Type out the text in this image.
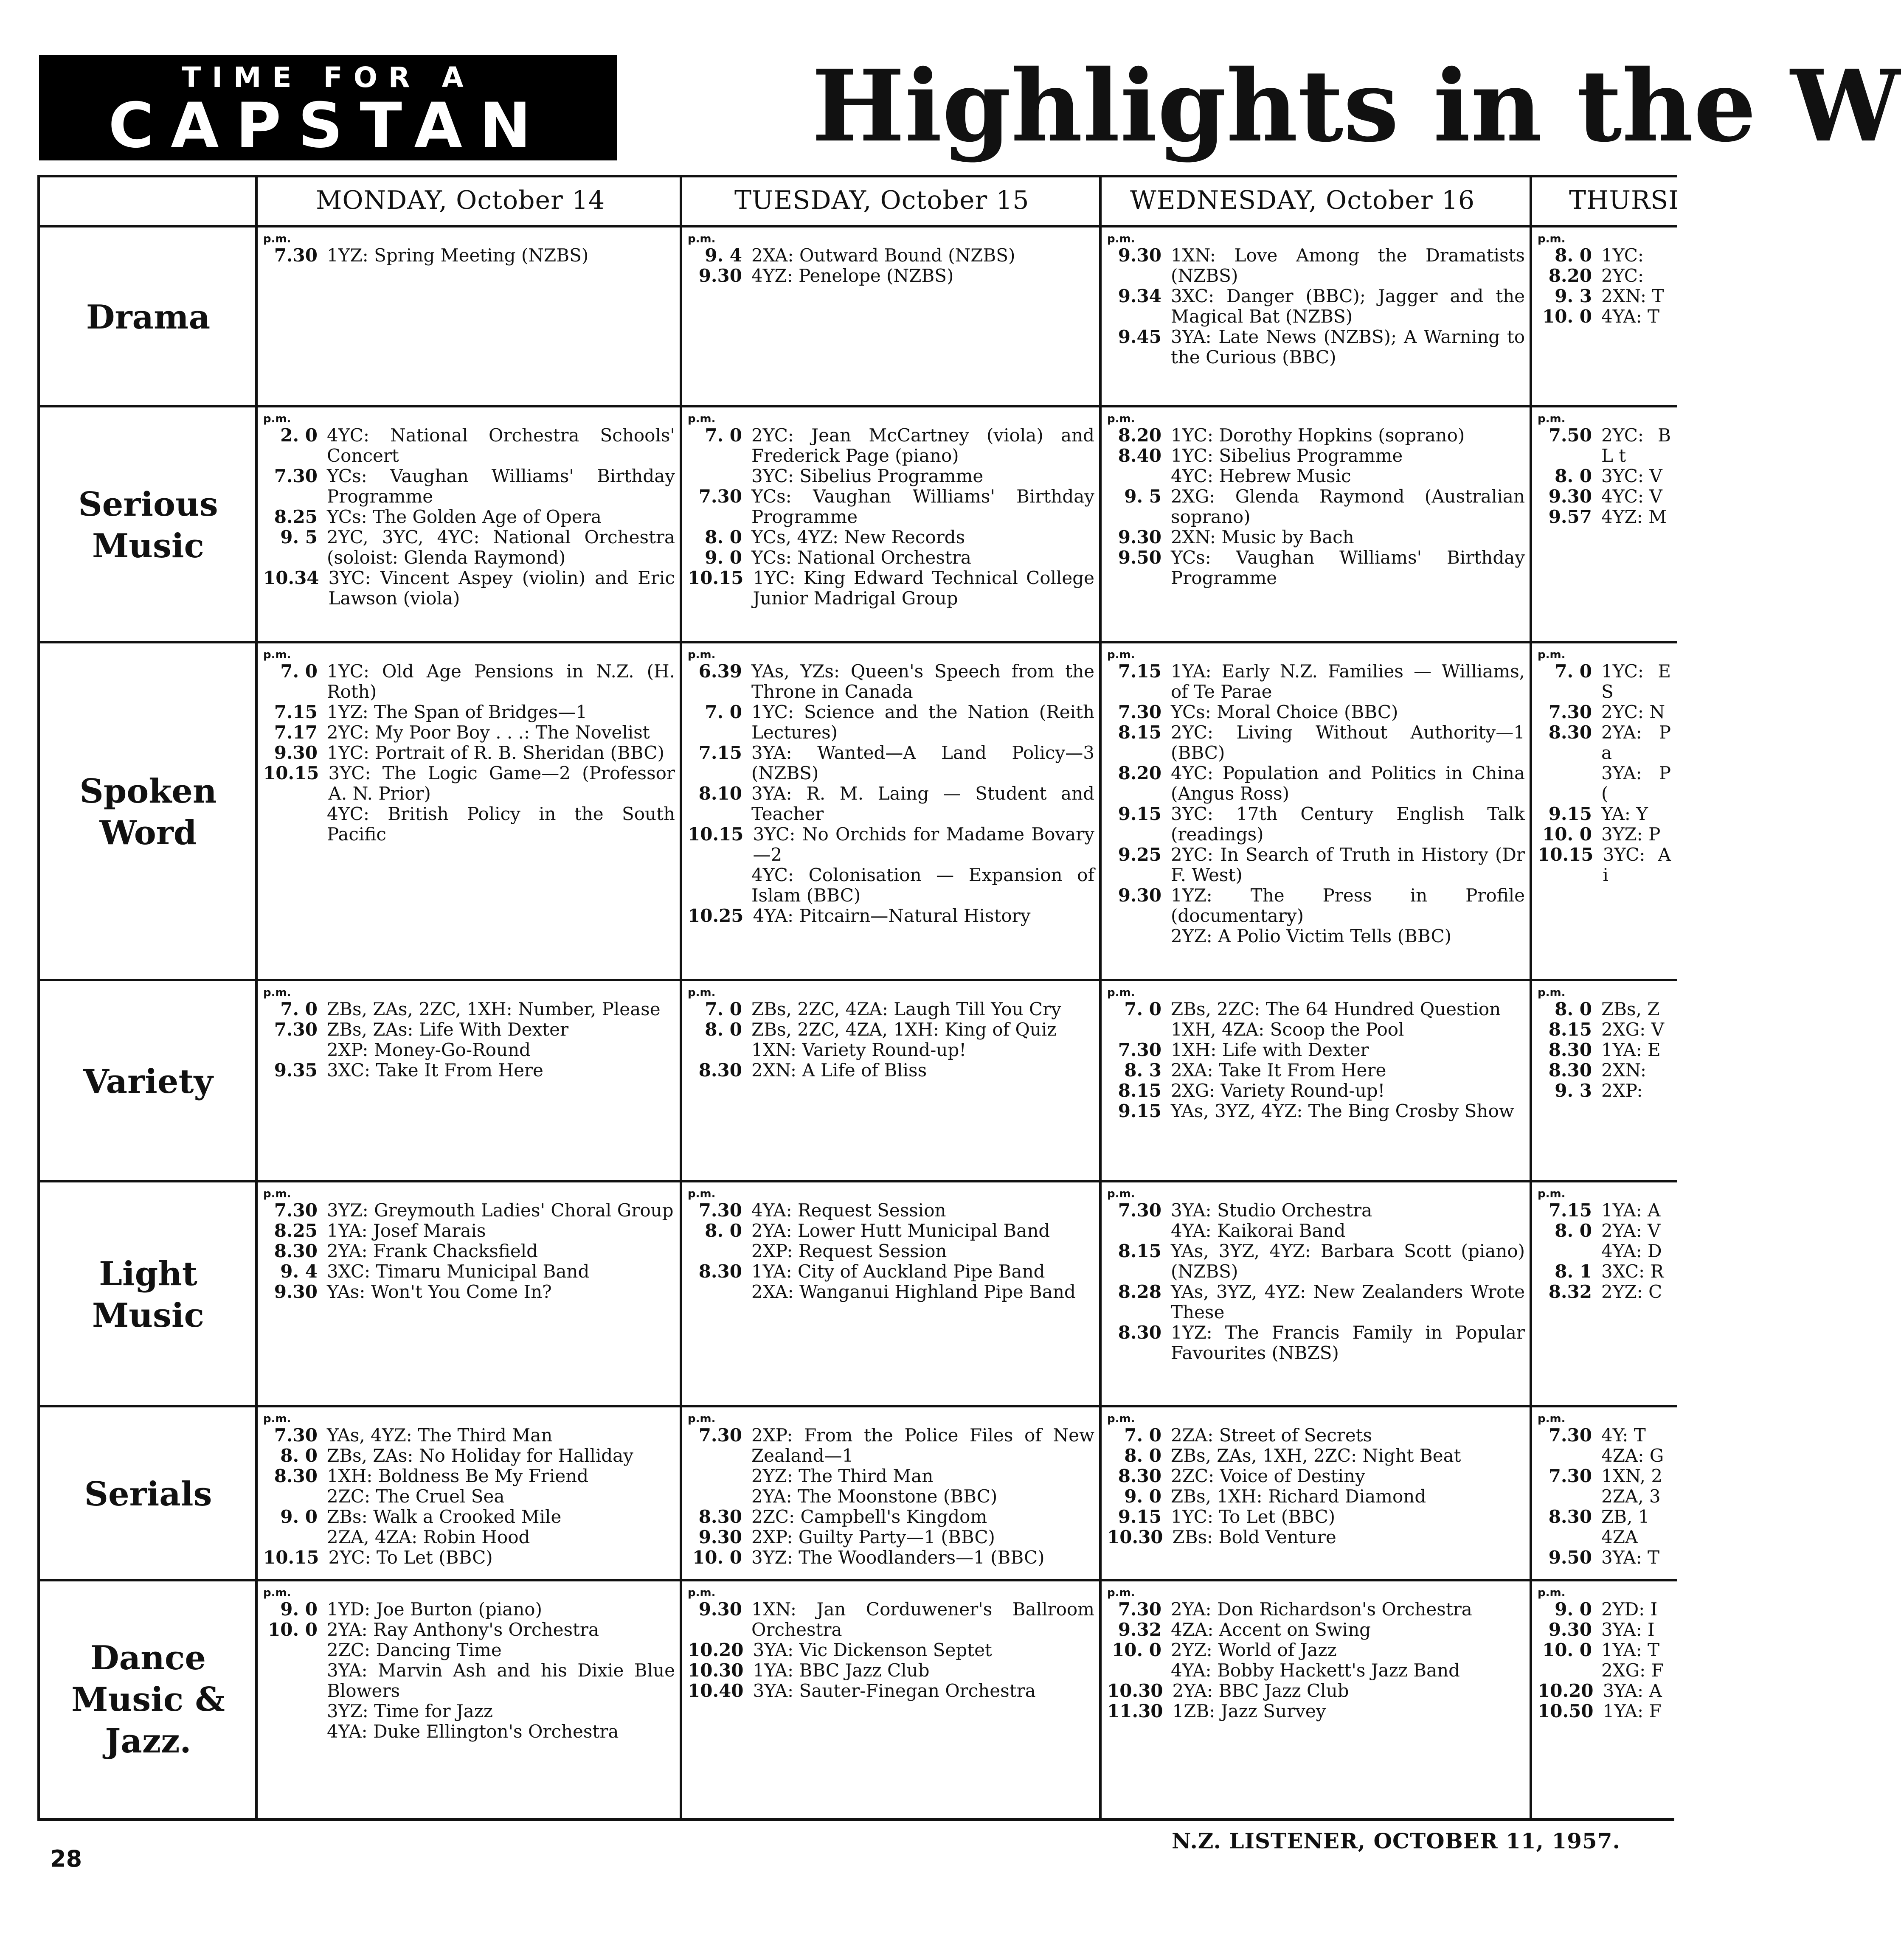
TIME FOR A
CAPSTAN	Highlights in the W
MONDAY, October 14	TUESDAY, October 15	WEDNESDAY, October 16	THURSI
Drama
p.m.
7.30 1YZ: Spring Meeting (NZBS)
p.m.
9. 4 2XA: Outward Bound (NZBS)
9.30 4YZ: Penelope (NZBS)
p.m.
9.30 1XN: Love Among the Dramatists (NZBS)
9.34 3XC: Danger (BBC); Jagger and the Magical Bat (NZBS)
9.45 3YA: Late News (NZBS); A Warning to the Curious (BBC)
p.m.
8. 0 1YC:
8.20 2YC:
9. 3 2XN: T
10. 0 4YA: T
Serious Music
p.m.
2. 0 4YC: National Orchestra Schools' Concert
7.30 YCs: Vaughan Williams' Birthday Programme
8.25 YCs: The Golden Age of Opera
9. 5 2YC, 3YC, 4YC: National Orchestra (soloist: Glenda Raymond)
10.34 3YC: Vincent Aspey (violin) and Eric Lawson (viola)
p.m.
7. 0 2YC: Jean McCartney (viola) and Frederick Page (piano)
3YC: Sibelius Programme
7.30 YCs: Vaughan Williams' Birthday Programme
8. 0 YCs, 4YZ: New Records
9. 0 YCs: National Orchestra
10.15 1YC: King Edward Technical College Junior Madrigal Group
p.m.
8.20 1YC: Dorothy Hopkins (soprano)
8.40 1YC: Sibelius Programme
4YC: Hebrew Music
9. 5 2XG: Glenda Raymond (Australian soprano)
9.30 2XN: Music by Bach
9.50 YCs: Vaughan Williams' Birthday Programme
p.m.
7.50 2YC: B L t
8. 0 3YC: V
9.30 4YC: V
9.57 4YZ: M
Spoken Word
p.m.
7. 0 1YC: Old Age Pensions in N.Z. (H. Roth)
7.15 1YZ: The Span of Bridges—1
7.17 2YC: My Poor Boy . . .: The Novelist
9.30 1YC: Portrait of R. B. Sheridan (BBC)
10.15 3YC: The Logic Game—2 (Professor A. N. Prior)
4YC: British Policy in the South Pacific
p.m.
6.39 YAs, YZs: Queen's Speech from the Throne in Canada
7. 0 1YC: Science and the Nation (Reith Lectures)
7.15 3YA: Wanted—A Land Policy—3 (NZBS)
8.10 3YA: R. M. Laing — Student and Teacher
10.15 3YC: No Orchids for Madame Bovary—2
4YC: Colonisation — Expansion of Islam (BBC)
10.25 4YA: Pitcairn—Natural History
p.m.
7.15 1YA: Early N.Z. Families — Williams, of Te Parae
7.30 YCs: Moral Choice (BBC)
8.15 2YC: Living Without Authority—1 (BBC)
8.20 4YC: Population and Politics in China (Angus Ross)
9.15 3YC: 17th Century English Talk (readings)
9.25 2YC: In Search of Truth in History (Dr F. West)
9.30 1YZ: The Press in Profile (documentary)
2YZ: A Polio Victim Tells (BBC)
p.m.
7. 0 1YC: E S
7.30 2YC: N
8.30 2YA: P a
3YA: P (
9.15 YA: Y
10. 0 3YZ: P
10.15 3YC: A i
Variety
p.m.
7. 0 ZBs, ZAs, 2ZC, 1XH: Number, Please
7.30 ZBs, ZAs: Life With Dexter
2XP: Money-Go-Round
9.35 3XC: Take It From Here
p.m.
7. 0 ZBs, 2ZC, 4ZA: Laugh Till You Cry
8. 0 ZBs, 2ZC, 4ZA, 1XH: King of Quiz
1XN: Variety Round-up!
8.30 2XN: A Life of Bliss
p.m.
7. 0 ZBs, 2ZC: The 64 Hundred Question
1XH, 4ZA: Scoop the Pool
7.30 1XH: Life with Dexter
8. 3 2XA: Take It From Here
8.15 2XG: Variety Round-up!
9.15 YAs, 3YZ, 4YZ: The Bing Crosby Show
p.m.
8. 0 ZBs, Z
8.15 2XG: V
8.30 1YA: E
8.30 2XN:
9. 3 2XP:
Light Music
p.m.
7.30 3YZ: Greymouth Ladies' Choral Group
8.25 1YA: Josef Marais
8.30 2YA: Frank Chacksfield
9. 4 3XC: Timaru Municipal Band
9.30 YAs: Won't You Come In?
p.m.
7.30 4YA: Request Session
8. 0 2YA: Lower Hutt Municipal Band
2XP: Request Session
8.30 1YA: City of Auckland Pipe Band
2XA: Wanganui Highland Pipe Band
p.m.
7.30 3YA: Studio Orchestra
4YA: Kaikorai Band
8.15 YAs, 3YZ, 4YZ: Barbara Scott (piano) (NZBS)
8.28 YAs, 3YZ, 4YZ: New Zealanders Wrote These
8.30 1YZ: The Francis Family in Popular Favourites (NBZS)
p.m.
7.15 1YA: A
8. 0 2YA: V
4YA: D
8. 1 3XC: R
8.32 2YZ: C
Serials
p.m.
7.30 YAs, 4YZ: The Third Man
8. 0 ZBs, ZAs: No Holiday for Halliday
8.30 1XH: Boldness Be My Friend
2ZC: The Cruel Sea
9. 0 ZBs: Walk a Crooked Mile
2ZA, 4ZA: Robin Hood
10.15 2YC: To Let (BBC)
p.m.
7.30 2XP: From the Police Files of New Zealand—1
2YZ: The Third Man
2YA: The Moonstone (BBC)
8.30 2ZC: Campbell's Kingdom
9.30 2XP: Guilty Party—1 (BBC)
10. 0 3YZ: The Woodlanders—1 (BBC)
p.m.
7. 0 2ZA: Street of Secrets
8. 0 ZBs, ZAs, 1XH, 2ZC: Night Beat
8.30 2ZC: Voice of Destiny
9. 0 ZBs, 1XH: Richard Diamond
9.15 1YC: To Let (BBC)
10.30 ZBs: Bold Venture
p.m.
7.30 4Y: T
4ZA: G
7.30 1XN, 2
2ZA, 3
8.30 ZB, 1
4ZA
9.50 3YA: T
Dance Music & Jazz.
p.m.
9. 0 1YD: Joe Burton (piano)
10. 0 2YA: Ray Anthony's Orchestra
2ZC: Dancing Time
3YA: Marvin Ash and his Dixie Blue Blowers
3YZ: Time for Jazz
4YA: Duke Ellington's Orchestra
p.m.
9.30 1XN: Jan Corduwener's Ballroom Orchestra
10.20 3YA: Vic Dickenson Septet
10.30 1YA: BBC Jazz Club
10.40 3YA: Sauter-Finegan Orchestra
p.m.
7.30 2YA: Don Richardson's Orchestra
9.32 4ZA: Accent on Swing
10. 0 2YZ: World of Jazz
4YA: Bobby Hackett's Jazz Band
10.30 2YA: BBC Jazz Club
11.30 1ZB: Jazz Survey
p.m.
9. 0 2YD: I
9.30 3YA: I
10. 0 1YA: T
2XG: F
10.20 3YA: A
10.50 1YA: F
28
N.Z. LISTENER, OCTOBER 11, 1957.
